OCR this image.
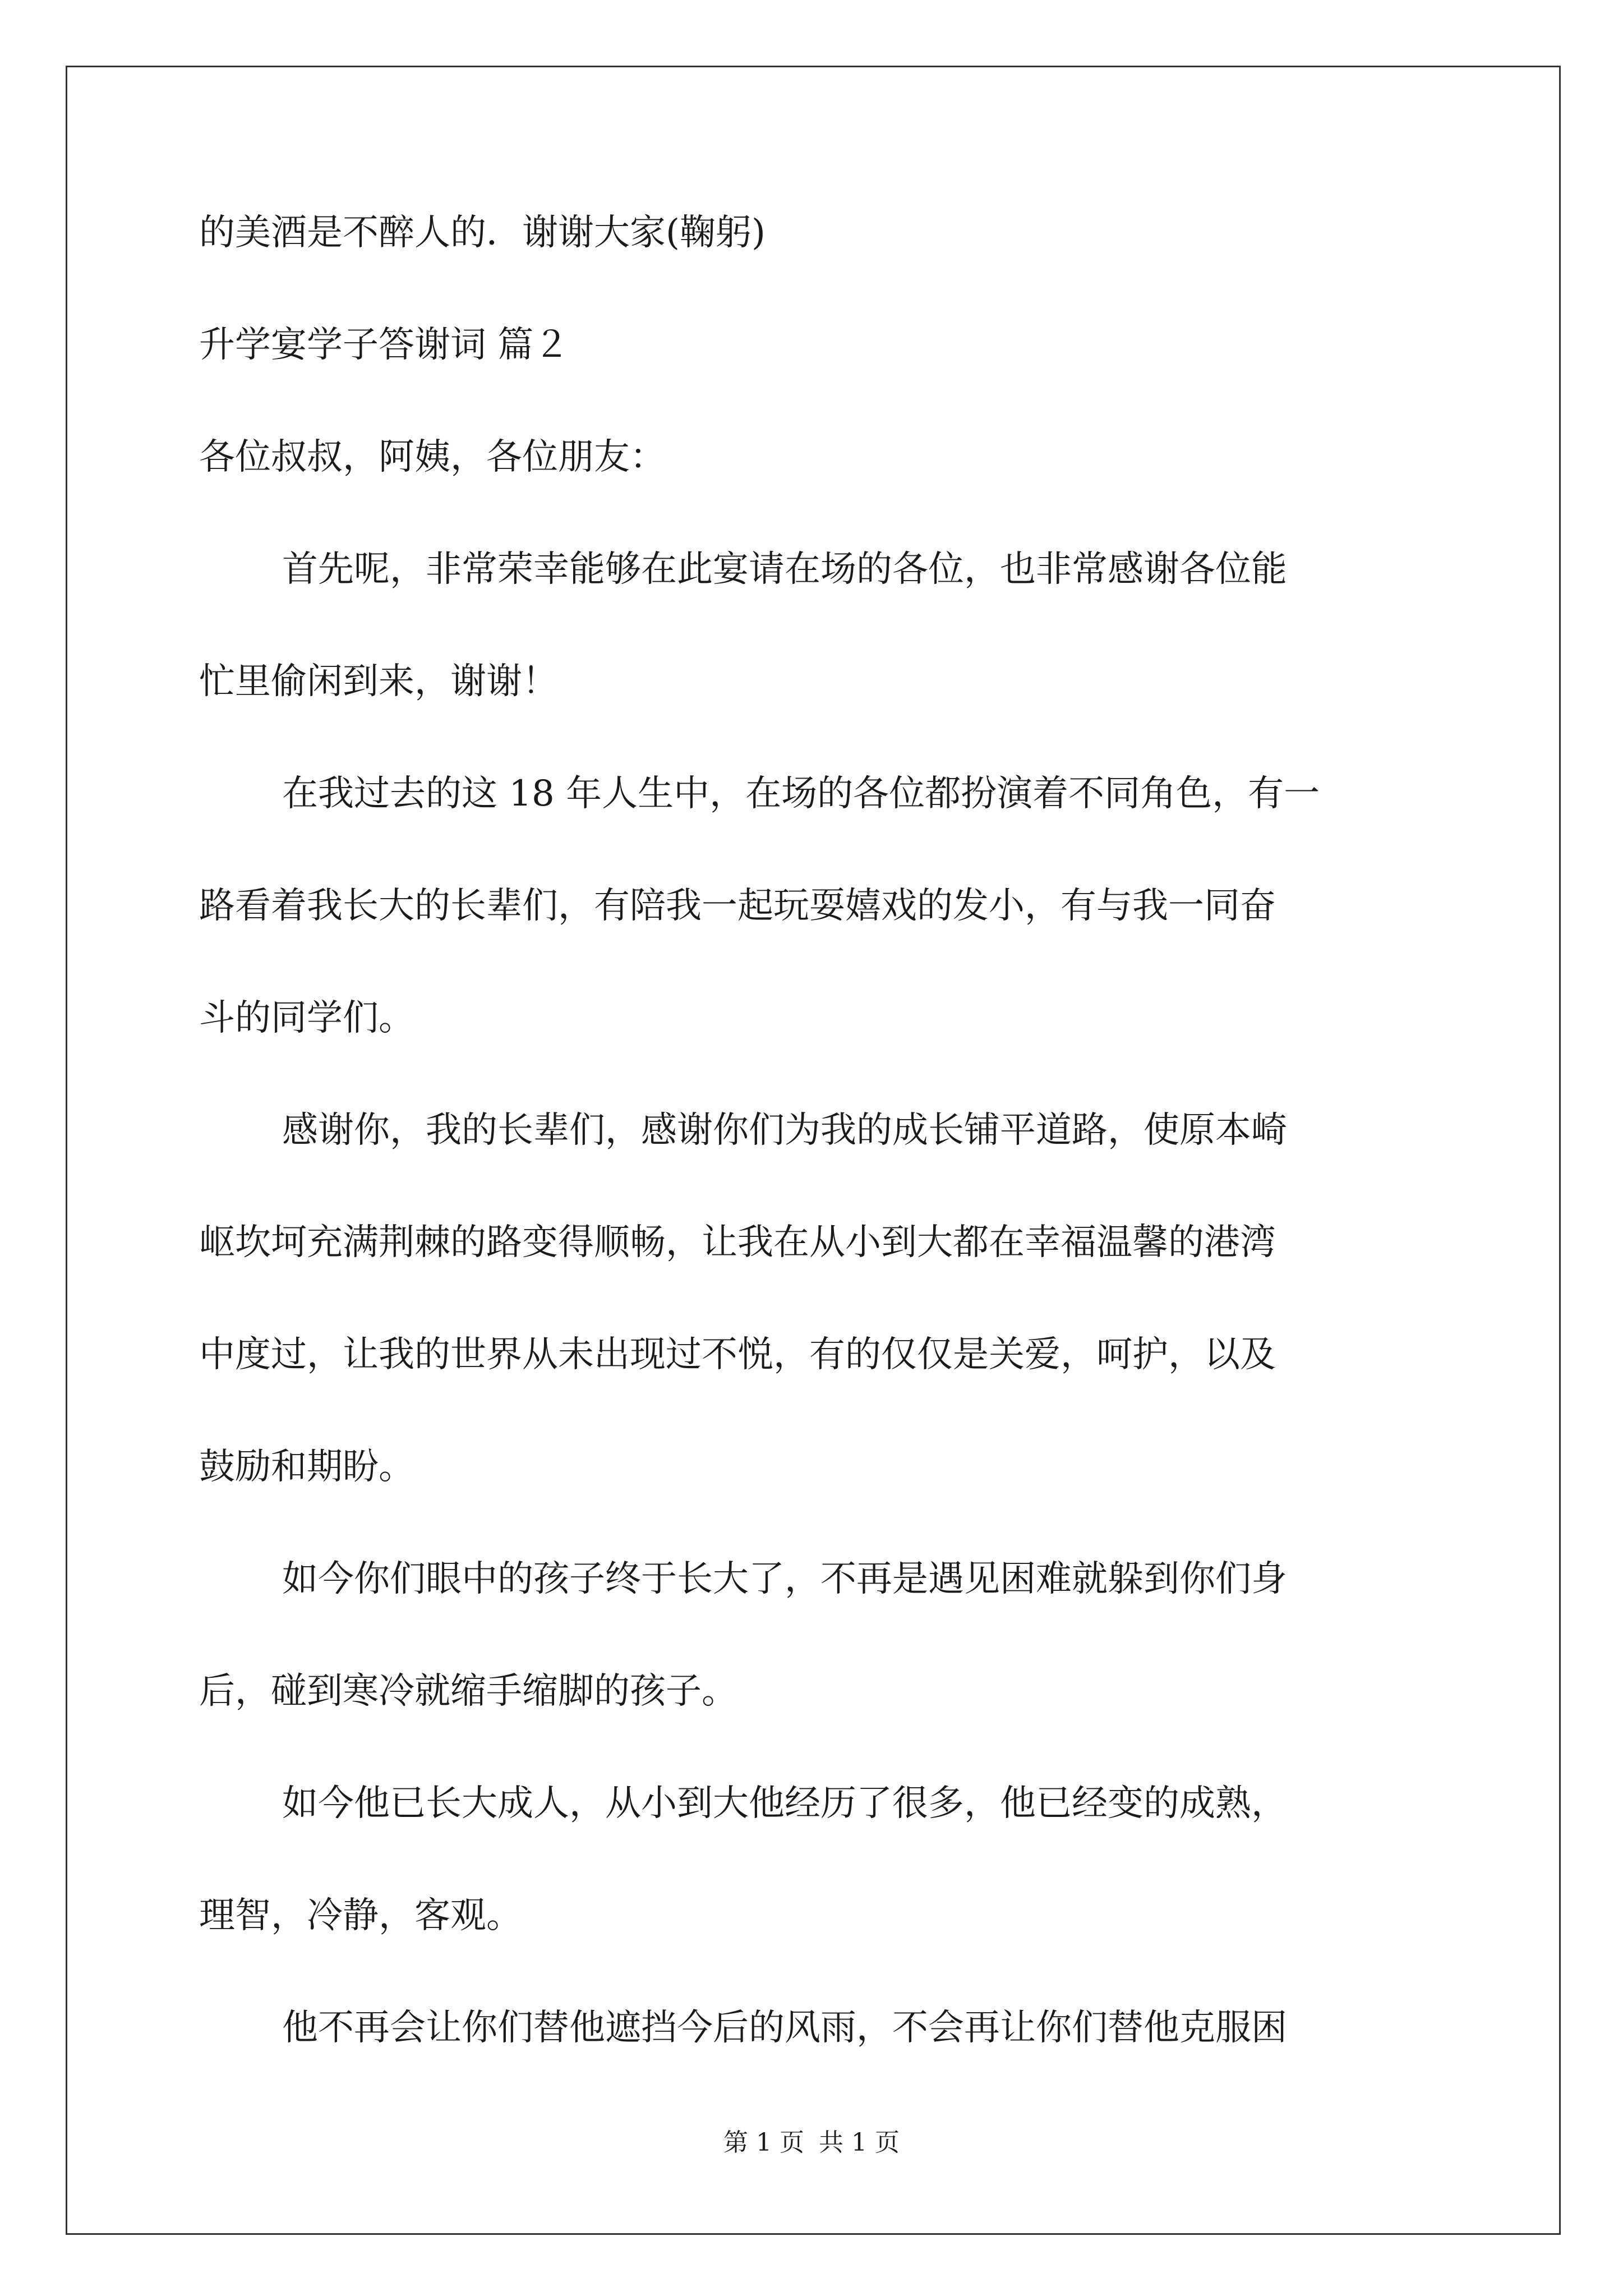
的美酒是不醉人的．谢谢大家(鞠躬)
升学宴学子答谢词 篇２
各位叔叔，阿姨，各位朋友：
首先呢，非常荣幸能够在此宴请在场的各位，也非常感谢各位能
忙里偷闲到来，谢谢！
在我过去的这 18 年人生中，在场的各位都扮演着不同角色，有一
路看着我长大的长辈们，有陪我一起玩耍嬉戏的发小，有与我一同奋
斗的同学们。
感谢你，我的长辈们，感谢你们为我的成长铺平道路，使原本崎
岖坎坷充满荆棘的路变得顺畅，让我在从小到大都在幸福温馨的港湾
中度过，让我的世界从未出现过不悦，有的仅仅是关爱，呵护，以及
鼓励和期盼。
如今你们眼中的孩子终于长大了，不再是遇见困难就躲到你们身
后，碰到寒冷就缩手缩脚的孩子。
如今他已长大成人，从小到大他经历了很多，他已经变的成熟，
理智，冷静，客观。
他不再会让你们替他遮挡今后的风雨，不会再让你们替他克服困
第 1 页 共 1 页
